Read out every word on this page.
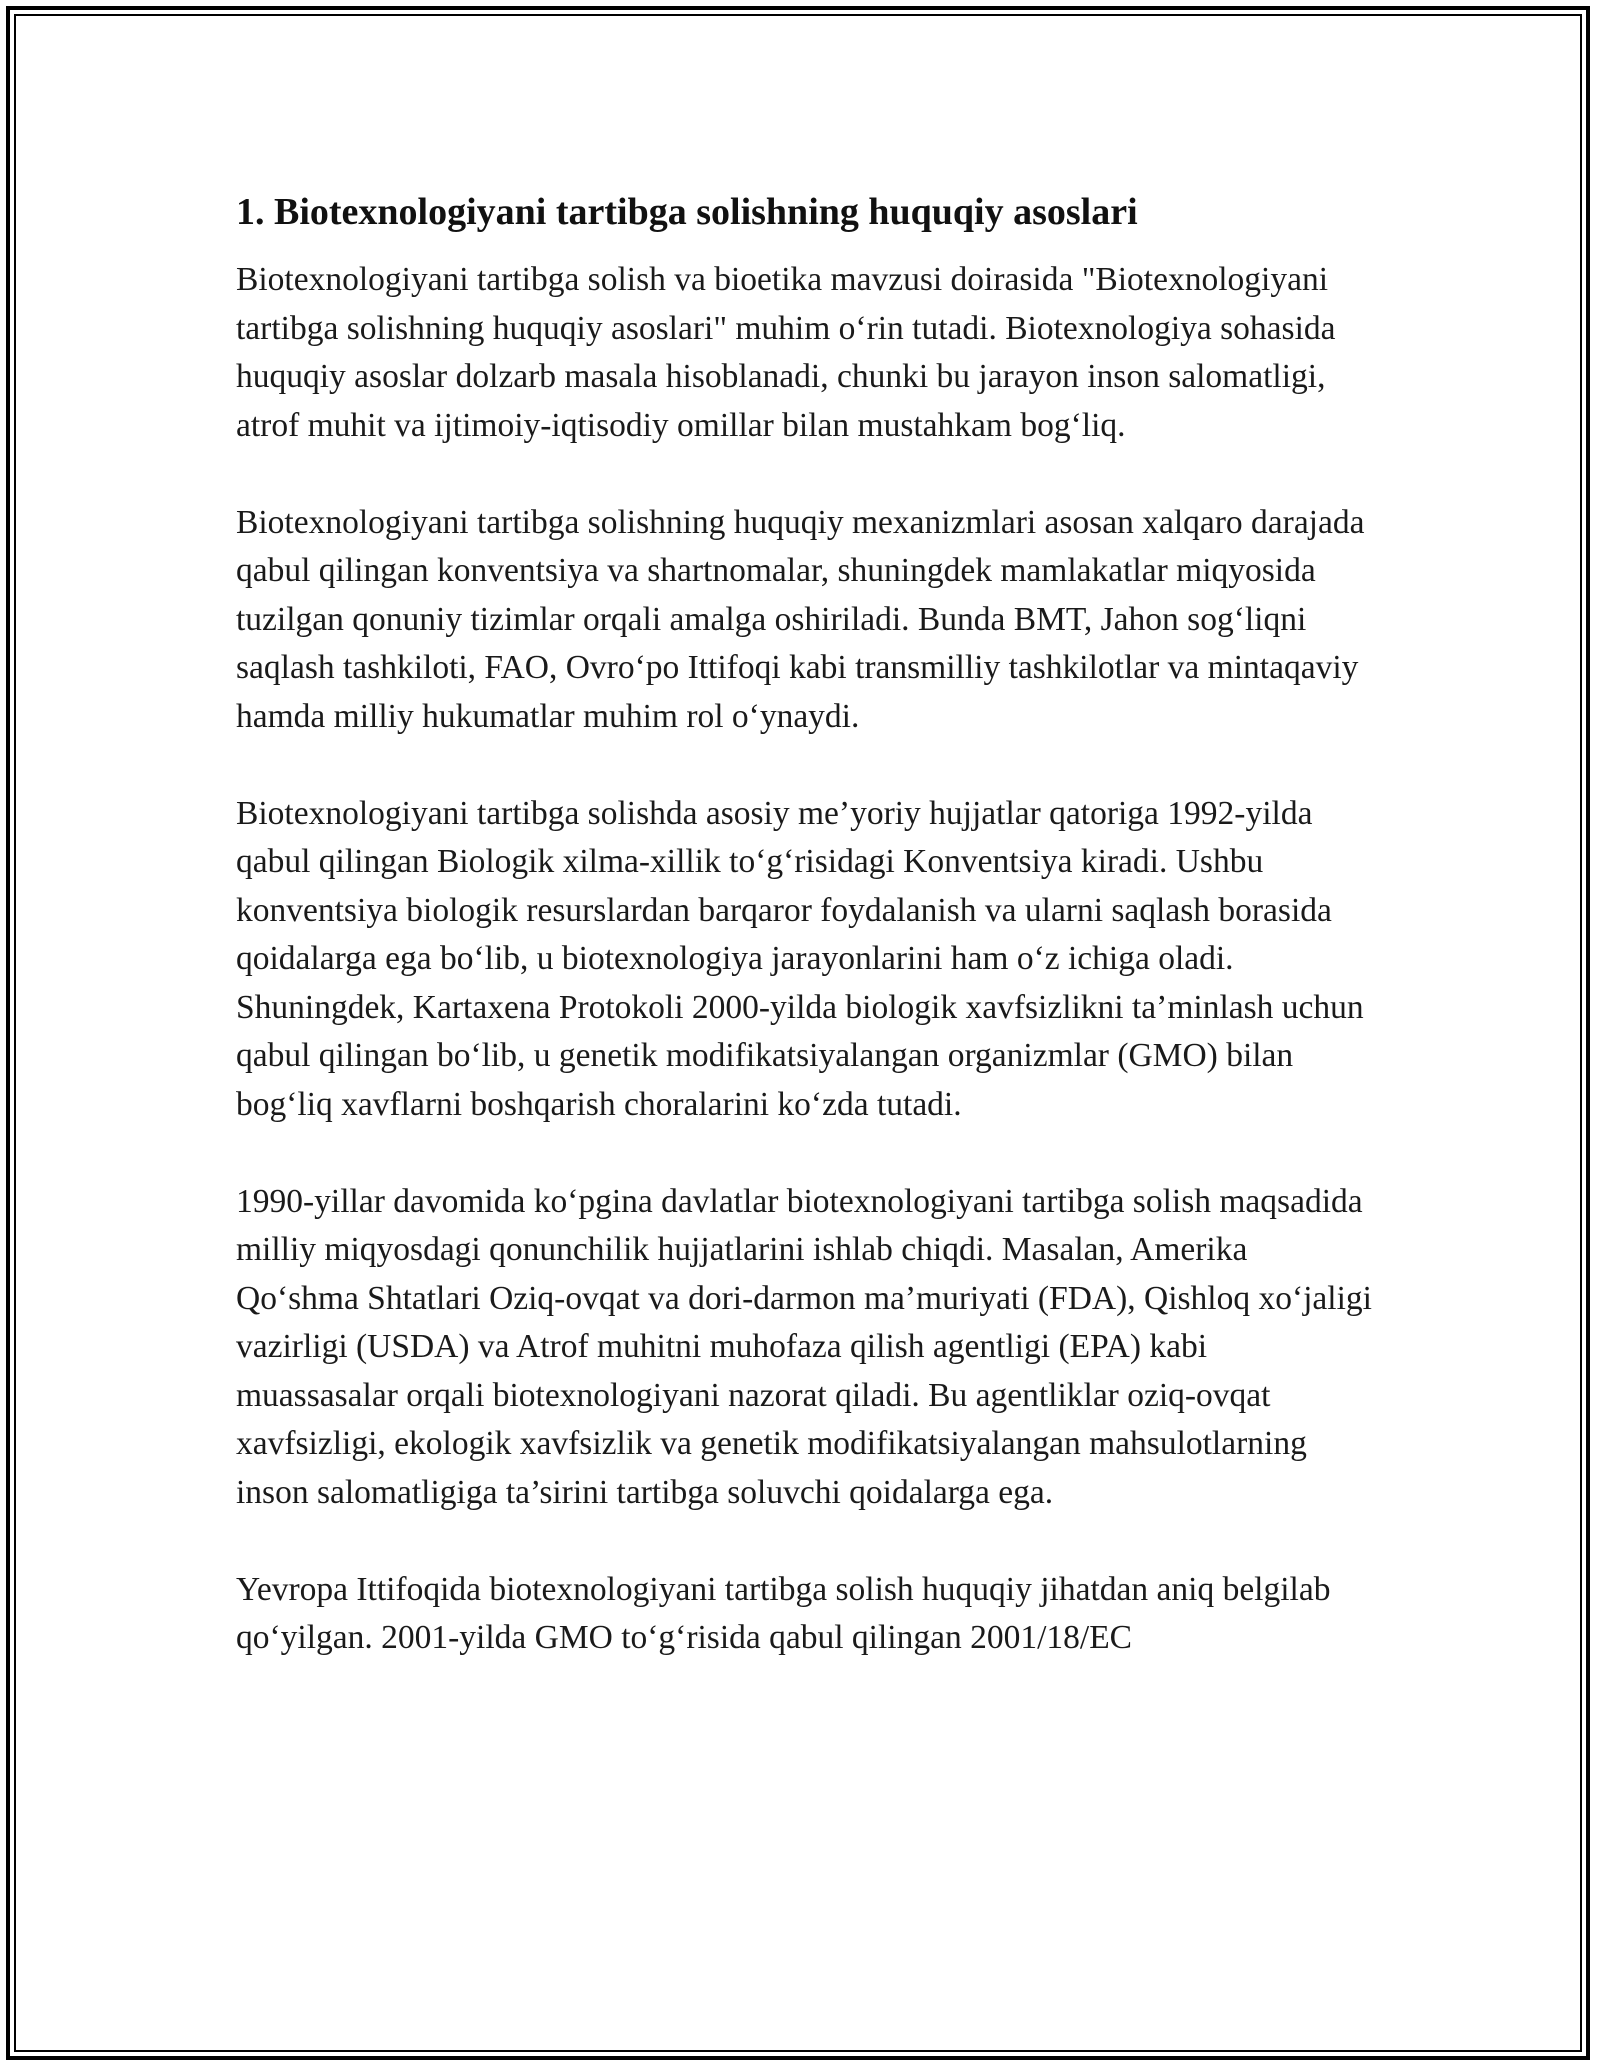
1. Biotexnologiyani tartibga solishning huquqiy asoslari

Biotexnologiyani tartibga solish va bioetika mavzusi doirasida "Biotexnologiyani tartibga solishning huquqiy asoslari" muhim o‘rin tutadi. Biotexnologiya sohasida huquqiy asoslar dolzarb masala hisoblanadi, chunki bu jarayon inson salomatligi, atrof muhit va ijtimoiy-iqtisodiy omillar bilan mustahkam bog‘liq.

Biotexnologiyani tartibga solishning huquqiy mexanizmlari asosan xalqaro darajada qabul qilingan konventsiya va shartnomalar, shuningdek mamlakatlar miqyosida tuzilgan qonuniy tizimlar orqali amalga oshiriladi. Bunda BMT, Jahon sog‘liqni saqlash tashkiloti, FAO, Ovro‘po Ittifoqi kabi transmilliy tashkilotlar va mintaqaviy hamda milliy hukumatlar muhim rol o‘ynaydi.

Biotexnologiyani tartibga solishda asosiy me’yoriy hujjatlar qatoriga 1992-yilda qabul qilingan Biologik xilma-xillik to‘g‘risidagi Konventsiya kiradi. Ushbu konventsiya biologik resurslardan barqaror foydalanish va ularni saqlash borasida qoidalarga ega bo‘lib, u biotexnologiya jarayonlarini ham o‘z ichiga oladi. Shuningdek, Kartaxena Protokoli 2000-yilda biologik xavfsizlikni ta’minlash uchun qabul qilingan bo‘lib, u genetik modifikatsiyalangan organizmlar (GMO) bilan bog‘liq xavflarni boshqarish choralarini ko‘zda tutadi.

1990-yillar davomida ko‘pgina davlatlar biotexnologiyani tartibga solish maqsadida milliy miqyosdagi qonunchilik hujjatlarini ishlab chiqdi. Masalan, Amerika Qo‘shma Shtatlari Oziq-ovqat va dori-darmon ma’muriyati (FDA), Qishloq xo‘jaligi vazirligi (USDA) va Atrof muhitni muhofaza qilish agentligi (EPA) kabi muassasalar orqali biotexnologiyani nazorat qiladi. Bu agentliklar oziq-ovqat xavfsizligi, ekologik xavfsizlik va genetik modifikatsiyalangan mahsulotlarning inson salomatligiga ta’sirini tartibga soluvchi qoidalarga ega.

Yevropa Ittifoqida biotexnologiyani tartibga solish huquqiy jihatdan aniq belgilab qo‘yilgan. 2001-yilda GMO to‘g‘risida qabul qilingan 2001/18/EC
